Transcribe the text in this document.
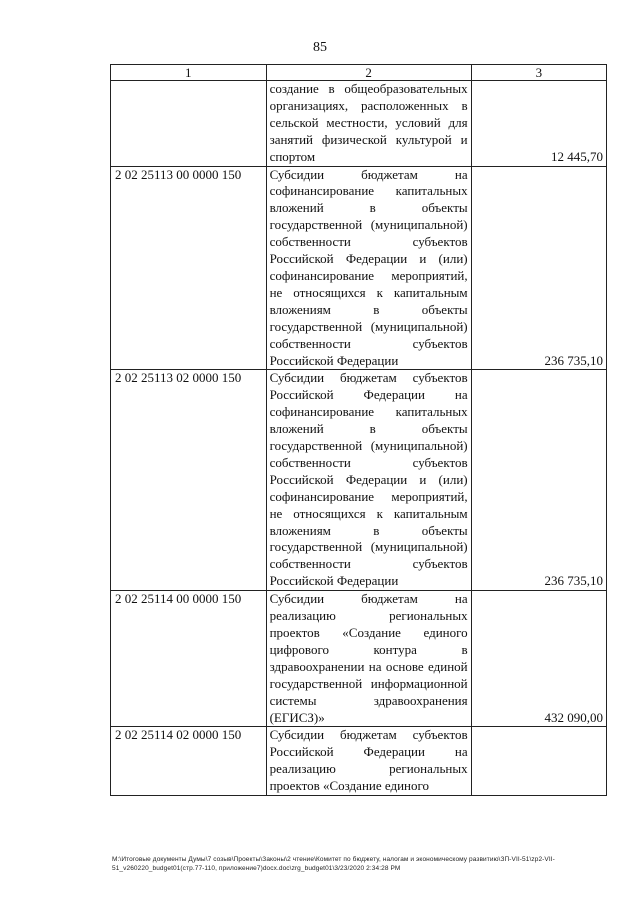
85
1	2	3
	создание в общеобразовательных организациях, расположенных в сельской местности, условий для занятий физической культурой и спортом	12 445,70
2 02 25113 00 0000 150	Субсидии бюджетам на софинансирование капитальных вложений в объекты государственной (муниципальной) собственности субъектов Российской Федерации и (или) софинансирование мероприятий, не относящихся к капитальным вложениям в объекты государственной (муниципальной) собственности субъектов Российской Федерации	236 735,10
2 02 25113 02 0000 150	Субсидии бюджетам субъектов Российской Федерации на софинансирование капитальных вложений в объекты государственной (муниципальной) собственности субъектов Российской Федерации и (или) софинансирование мероприятий, не относящихся к капитальным вложениям в объекты государственной (муниципальной) собственности субъектов Российской Федерации	236 735,10
2 02 25114 00 0000 150	Субсидии бюджетам на реализацию региональных проектов «Создание единого цифрового контура в здравоохранении на основе единой государственной информационной системы здравоохранения (ЕГИСЗ)»	432 090,00
2 02 25114 02 0000 150	Субсидии бюджетам субъектов Российской Федерации на реализацию региональных проектов «Создание единого	
M:\Итоговые документы Думы\7 созыв\Проекты\Законы\2 чтение\Комитет по бюджету, налогам и экономическому развитию\ЗП-VII-51\zp2-VII-51_v260220_budget01(стр.77-110, приложение7)docx.doc\zrg_budget01\3/23/2020 2:34:28 PM
